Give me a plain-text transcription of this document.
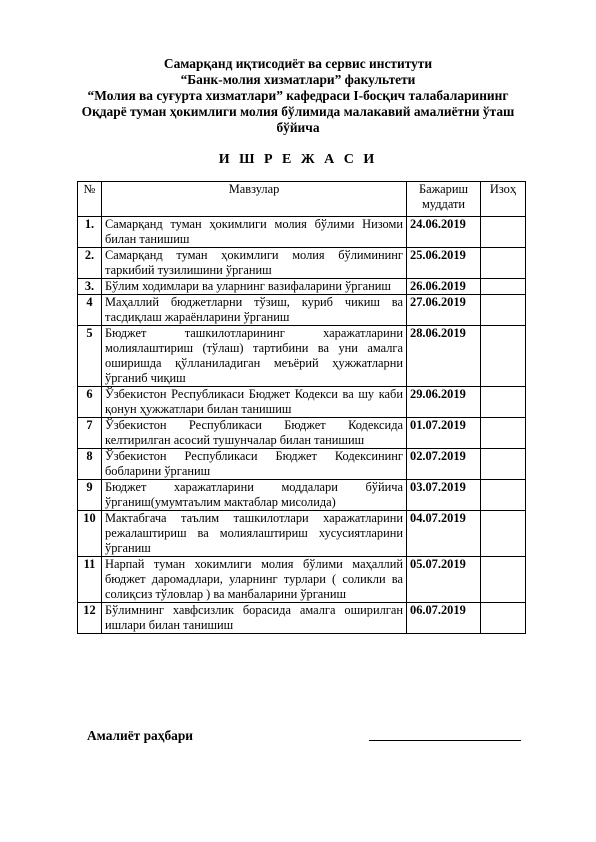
Самарқанд иқтисодиёт ва сервис институти
“Банк-молия хизматлари” факультети
“Молия ва суғурта хизматлари” кафедраси I-босқич талабаларининг
Оқдарё туман ҳокимлиги молия бўлимида малакавий амалиётни ўташ
бўйича
И Ш Р Е Ж А С И
№	Мавзулар	Бажариш муддати	Изоҳ
1.	Самарқанд туман ҳокимлиги молия бўлими Низоми билан танишиш	24.06.2019	
2.	Самарқанд туман ҳокимлиги молия бўлимининг таркибий тузилишини ўрганиш	25.06.2019	
3.	Бўлим ходимлари ва уларнинг вазифаларини ўрганиш	26.06.2019	
4	Маҳаллий бюджетларни тўзиш, куриб чикиш ва тасдиқлаш жараёнларини ўрганиш	27.06.2019	
5	Бюджет ташкилотларининг харажатларини молиялаштириш (тўлаш) тартибини ва уни амалга оширишда қўлланиладиган меъёрий ҳужжатларни ўрганиб чиқиш	28.06.2019	
6	Ўзбекистон Республикаси Бюджет Кодекси ва шу каби қонун ҳужжатлари билан танишиш	29.06.2019	
7	Ўзбекистон Республикаси Бюджет Кодексида келтирилган асосий тушунчалар билан танишиш	01.07.2019	
8	Ўзбекистон Республикаси Бюджет Кодексининг бобларини ўрганиш	02.07.2019	
9	Бюджет харажатларини моддалари бўйича ўрганиш(умумтаълим мактаблар мисолида)	03.07.2019	
10	Мактабгача таълим ташкилотлари харажатларини режалаштириш ва молиялаштириш хусусиятларини ўрганиш	04.07.2019	
11	Нарпай туман хокимлиги молия бўлими маҳаллий бюджет даромадлари, уларнинг турлари ( соликли ва солиқсиз тўловлар ) ва манбаларини ўрганиш	05.07.2019	
12	Бўлимнинг хавфсизлик борасида амалга оширилган ишлари билан танишиш	06.07.2019	
Амалиёт раҳбари
